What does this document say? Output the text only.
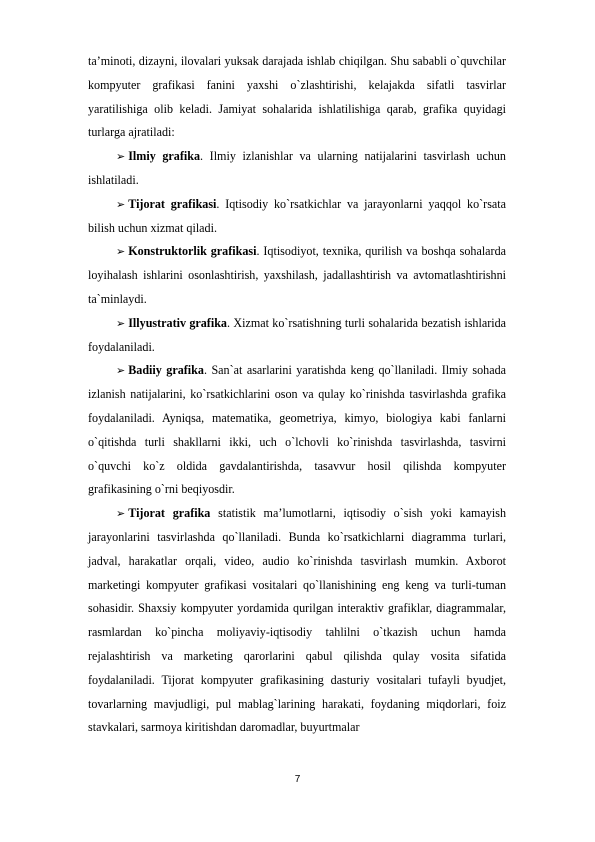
ta’minoti, dizayni, ilovalari yuksak darajada ishlab chiqilgan. Shu sababli o`quvchilar kompyuter grafikasi fanini yaxshi o`zlashtirishi, kelajakda sifatli tasvirlar yaratilishiga olib keladi. Jamiyat sohalarida ishlatilishiga qarab, grafika quyidagi turlarga ajratiladi:

➢ Ilmiy grafika. Ilmiy izlanishlar va ularning natijalarini tasvirlash uchun ishlatiladi.

➢ Tijorat grafikasi. Iqtisodiy ko`rsatkichlar va jarayonlarni yaqqol ko`rsata bilish uchun xizmat qiladi.

➢ Konstruktorlik grafikasi. Iqtisodiyot, texnika, qurilish va boshqa sohalarda loyihalash ishlarini osonlashtirish, yaxshilash, jadallashtirish va avtomatlashtirishni ta`minlaydi.

➢ Illyustrativ grafika. Xizmat ko`rsatishning turli sohalarida bezatish ishlarida foydalaniladi.

➢ Badiiy grafika. San`at asarlarini yaratishda keng qo`llaniladi. Ilmiy sohada izlanish natijalarini, ko`rsatkichlarini oson va qulay ko`rinishda tasvirlashda grafika foydalaniladi. Ayniqsa, matematika, geometriya, kimyo, biologiya kabi fanlarni o`qitishda turli shakllarni ikki, uch o`lchovli ko`rinishda tasvirlashda, tasvirni o`quvchi ko`z oldida gavdalantirishda, tasavvur hosil qilishda kompyuter grafikasining o`rni beqiyosdir.

➢ Tijorat grafika statistik ma’lumotlarni, iqtisodiy o`sish yoki kamayish jarayonlarini tasvirlashda qo`llaniladi. Bunda ko`rsatkichlarni diagramma turlari, jadval, harakatlar orqali, video, audio ko`rinishda tasvirlash mumkin. Axborot marketingi kompyuter grafikasi vositalari qo`llanishining eng keng va turli-tuman sohasidir. Shaxsiy kompyuter yordamida qurilgan interaktiv grafiklar, diagrammalar, rasmlardan ko`pincha moliyaviy-iqtisodiy tahlilni o`tkazish uchun hamda rejalashtirish va marketing qarorlarini qabul qilishda qulay vosita sifatida foydalaniladi. Tijorat kompyuter grafikasining dasturiy vositalari tufayli byudjet, tovarlarning mavjudligi, pul mablag`larining harakati, foydaning miqdorlari, foiz stavkalari, sarmoya kiritishdan daromadlar, buyurtmalar

7
